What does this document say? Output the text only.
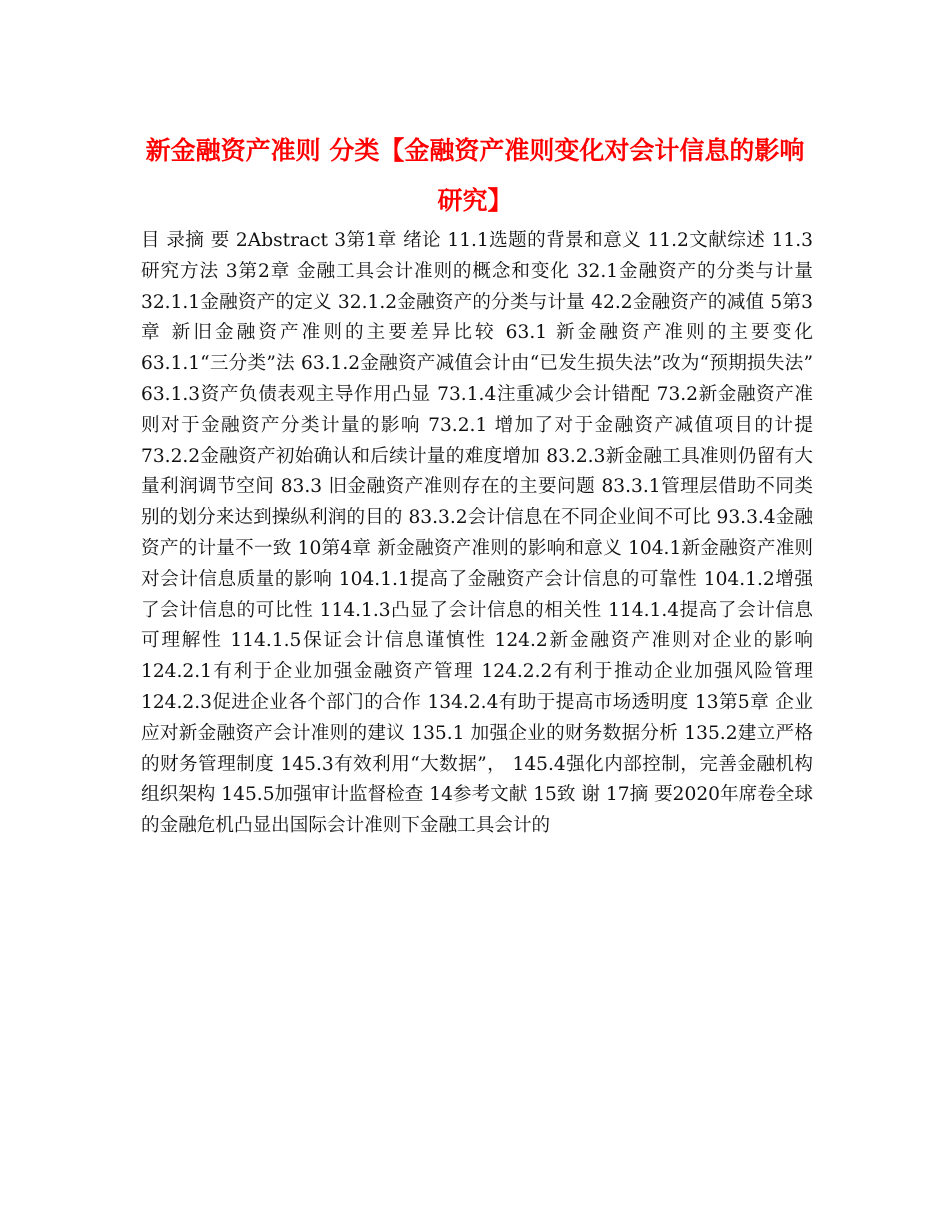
新金融资产准则 分类【金融资产准则变化对会计信息的影响研究】

目 录摘 要 2Abstract 3第1章 绪论 11.1选题的背景和意义 11.2文献综述 11.3研究方法 3第2章 金融工具会计准则的概念和变化 32.1金融资产的分类与计量 32.1.1金融资产的定义 32.1.2金融资产的分类与计量 42.2金融资产的减值 5第3章 新旧金融资产准则的主要差异比较 63.1 新金融资产准则的主要变化 63.1.1“三分类”法 63.1.2金融资产减值会计由“已发生损失法”改为“预期损失法” 63.1.3资产负债表观主导作用凸显 73.1.4注重减少会计错配 73.2新金融资产准则对于金融资产分类计量的影响 73.2.1 增加了对于金融资产减值项目的计提 73.2.2金融资产初始确认和后续计量的难度增加 83.2.3新金融工具准则仍留有大量利润调节空间 83.3 旧金融资产准则存在的主要问题 83.3.1管理层借助不同类别的划分来达到操纵利润的目的 83.3.2会计信息在不同企业间不可比 93.3.4金融资产的计量不一致 10第4章 新金融资产准则的影响和意义 104.1新金融资产准则对会计信息质量的影响 104.1.1提高了金融资产会计信息的可靠性 104.1.2增强了会计信息的可比性 114.1.3凸显了会计信息的相关性 114.1.4提高了会计信息可理解性 114.1.5保证会计信息谨慎性 124.2新金融资产准则对企业的影响 124.2.1有利于企业加强金融资产管理 124.2.2有利于推动企业加强风险管理 124.2.3促进企业各个部门的合作 134.2.4有助于提高市场透明度 13第5章 企业应对新金融资产会计准则的建议 135.1 加强企业的财务数据分析 135.2建立严格的财务管理制度 145.3有效利用“大数据”， 145.4强化内部控制，完善金融机构组织架构 145.5加强审计监督检查 14参考文献 15致 谢 17摘 要2020年席卷全球的金融危机凸显出国际会计准则下金融工具会计的
